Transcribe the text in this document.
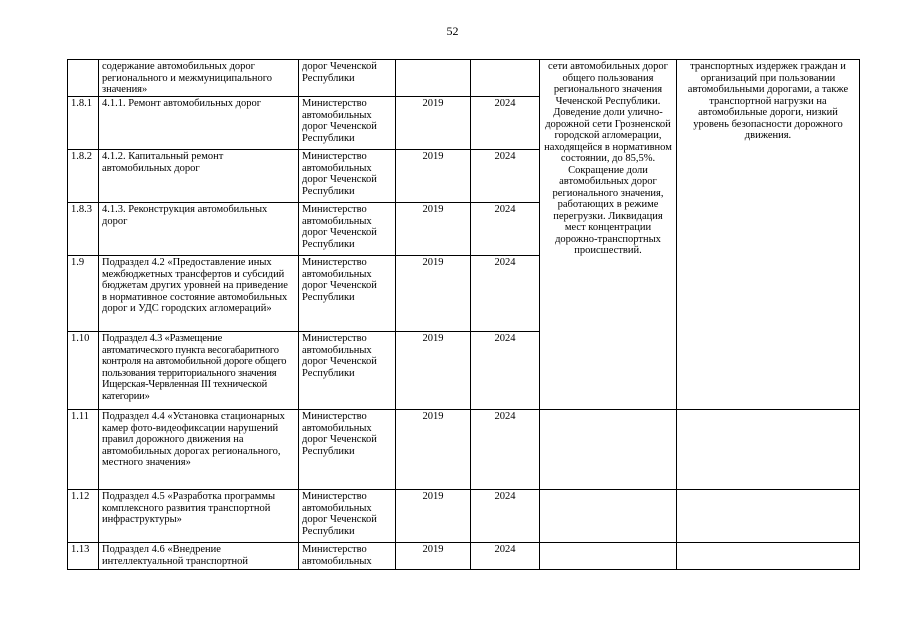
52
	содержание автомобильных дорог регионального и межмуниципального значения»	дорог Чеченской Республики			сети автомобильных дорог общего пользования регионального значения Чеченской Республики. Доведение доли улично-дорожной сети Грозненской городской агломерации, находящейся в нормативном состоянии, до 85,5%. Сокращение доли автомобильных дорог регионального значения, работающих в режиме перегрузки. Ликвидация мест концентрации дорожно-транспортных происшествий.	транспортных издержек граждан и организаций при пользовании автомобильными дорогами, а также транспортной нагрузки на автомобильные дороги, низкий уровень безопасности дорожного движения.
1.8.1	4.1.1. Ремонт автомобильных дорог	Министерство автомобильных дорог Чеченской Республики	2019	2024		
1.8.2	4.1.2. Капитальный ремонт автомобильных дорог	Министерство автомобильных дорог Чеченской Республики	2019	2024		
1.8.3	4.1.3. Реконструкция автомобильных дорог	Министерство автомобильных дорог Чеченской Республики	2019	2024		
1.9	Подраздел 4.2 «Предоставление иных межбюджетных трансфертов и субсидий бюджетам других уровней на приведение в нормативное состояние автомобильных дорог и УДС городских агломераций»	Министерство автомобильных дорог Чеченской Республики	2019	2024		
1.10	Подраздел 4.3 «Размещение автоматического пункта весогабаритного контроля на автомобильной дороге общего пользования территориального значения Ищерская-Червленная III технической категории»	Министерство автомобильных дорог Чеченской Республики	2019	2024		
1.11	Подраздел 4.4 «Установка стационарных камер фото-видеофиксации нарушений правил дорожного движения на автомобильных дорогах регионального, местного значения»	Министерство автомобильных дорог Чеченской Республики	2019	2024		
1.12	Подраздел 4.5 «Разработка программы комплексного развития транспортной инфраструктуры»	Министерство автомобильных дорог Чеченской Республики	2019	2024		
1.13	Подраздел 4.6 «Внедрение интеллектуальной транспортной	Министерство автомобильных	2019	2024		
